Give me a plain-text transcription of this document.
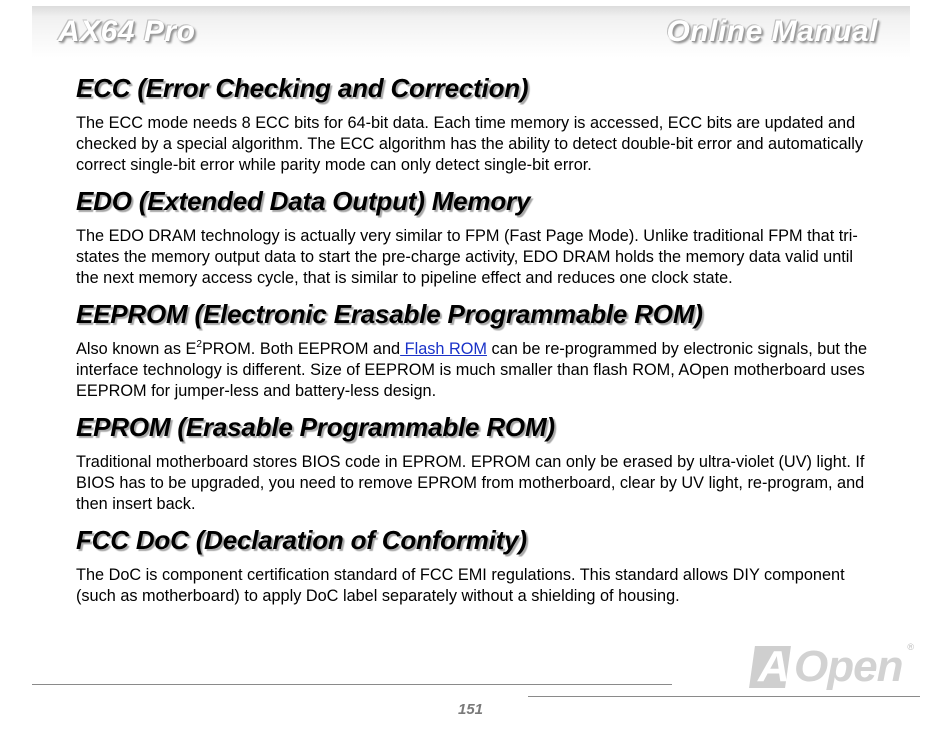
AX64 Pro	Online Manual
ECC (Error Checking and Correction)

The ECC mode needs 8 ECC bits for 64-bit data. Each time memory is accessed, ECC bits are updated and checked by a special algorithm. The ECC algorithm has the ability to detect double-bit error and automatically correct single-bit error while parity mode can only detect single-bit error.

EDO (Extended Data Output) Memory

The EDO DRAM technology is actually very similar to FPM (Fast Page Mode). Unlike traditional FPM that tri-states the memory output data to start the pre-charge activity, EDO DRAM holds the memory data valid until the next memory access cycle, that is similar to pipeline effect and reduces one clock state.

EEPROM (Electronic Erasable Programmable ROM)

Also known as $E^2PROM$. Both EEPROM and Flash ROM can be re-programmed by electronic signals, but the interface technology is different. Size of EEPROM is much smaller than flash ROM, AOpen motherboard uses EEPROM for jumper-less and battery-less design.

EPROM (Erasable Programmable ROM)

Traditional motherboard stores BIOS code in EPROM. EPROM can only be erased by ultra-violet (UV) light. If BIOS has to be upgraded, you need to remove EPROM from motherboard, clear by UV light, re-program, and then insert back.

FCC DoC (Declaration of Conformity)

The DoC is component certification standard of FCC EMI regulations. This standard allows DIY component (such as motherboard) to apply DoC label separately without a shielding of housing.

151
A Open ®
